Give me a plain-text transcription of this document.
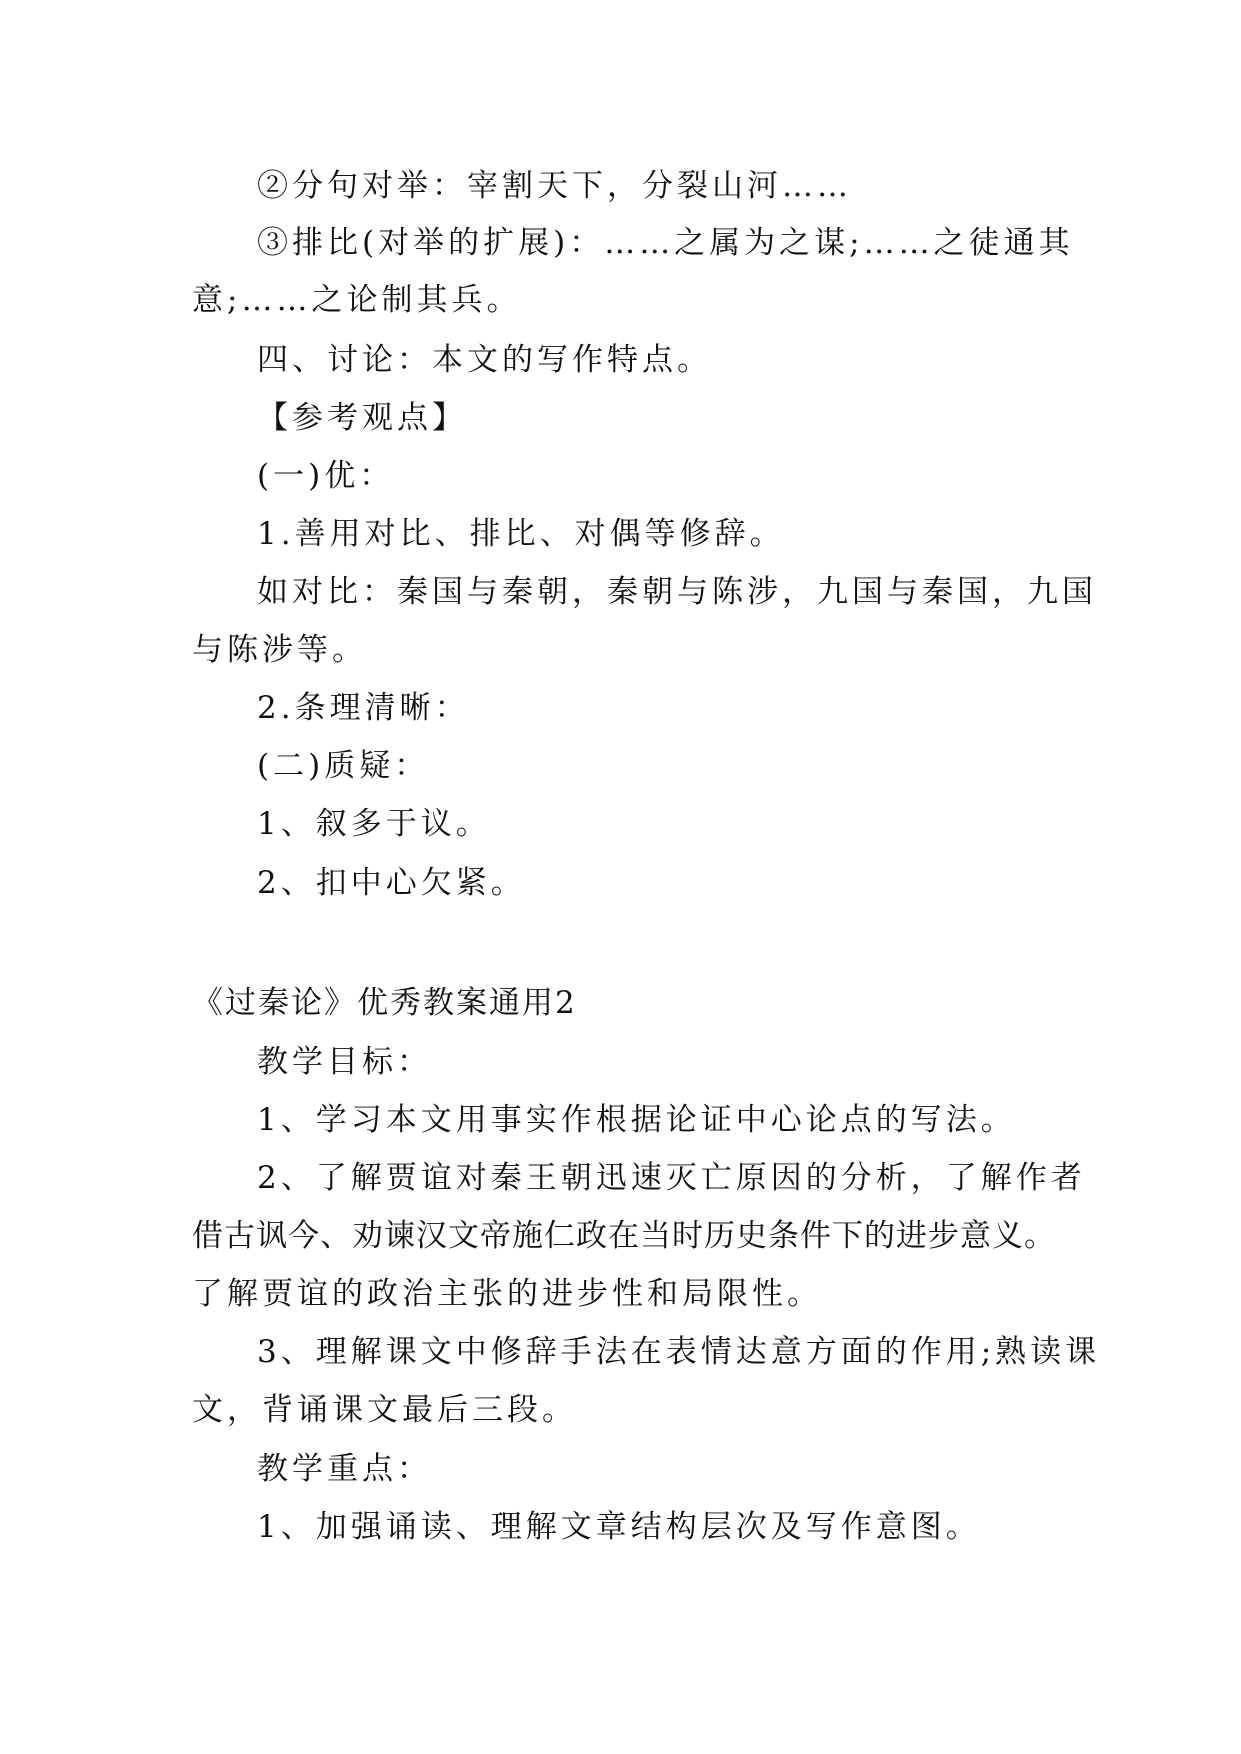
②分句对举：宰割天下，分裂山河……
③排比(对举的扩展)：……之属为之谋;……之徒通其
意;……之论制其兵。
四、讨论：本文的写作特点。
【参考观点】
(一)优：
1.善用对比、排比、对偶等修辞。
如对比：秦国与秦朝，秦朝与陈涉，九国与秦国，九国
与陈涉等。
2.条理清晰：
(二)质疑：
1、叙多于议。
2、扣中心欠紧。
《过秦论》优秀教案通用2
教学目标：
1、学习本文用事实作根据论证中心论点的写法。
2、了解贾谊对秦王朝迅速灭亡原因的分析，了解作者
借古讽今、劝谏汉文帝施仁政在当时历史条件下的进步意义。
了解贾谊的政治主张的进步性和局限性。
3、理解课文中修辞手法在表情达意方面的作用;熟读课
文，背诵课文最后三段。
教学重点：
1、加强诵读、理解文章结构层次及写作意图。
